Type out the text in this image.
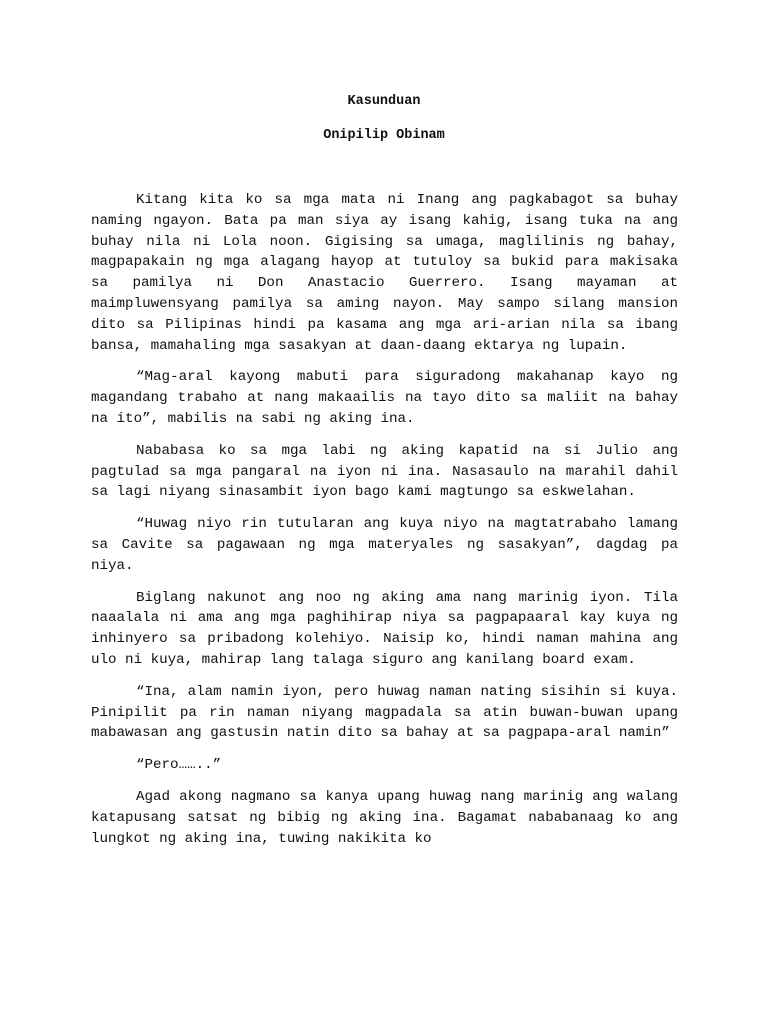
Kasunduan
Onipilip Obinam

Kitang kita ko sa mga mata ni Inang ang pagkabagot sa buhay naming ngayon. Bata pa man siya ay isang kahig, isang tuka na ang buhay nila ni Lola noon. Gigising sa umaga, maglilinis ng bahay, magpapakain ng mga alagang hayop at tutuloy sa bukid para makisaka sa pamilya ni Don Anastacio Guerrero. Isang mayaman at maimpluwensyang pamilya sa aming nayon. May sampo silang mansion dito sa Pilipinas hindi pa kasama ang mga ari-arian nila sa ibang bansa, mamahaling mga sasakyan at daan-daang ektarya ng lupain.

“Mag-aral kayong mabuti para siguradong makahanap kayo ng magandang trabaho at nang makaailis na tayo dito sa maliit na bahay na ito”, mabilis na sabi ng aking ina.

Nababasa ko sa mga labi ng aking kapatid na si Julio ang pagtulad sa mga pangaral na iyon ni ina. Nasasaulo na marahil dahil sa lagi niyang sinasambit iyon bago kami magtungo sa eskwelahan.

“Huwag niyo rin tutularan ang kuya niyo na magtatrabaho lamang sa Cavite sa pagawaan ng mga materyales ng sasakyan”, dagdag pa niya.

Biglang nakunot ang noo ng aking ama nang marinig iyon. Tila naaalala ni ama ang mga paghihirap niya sa pagpapaaral kay kuya ng inhinyero sa pribadong kolehiyo. Naisip ko, hindi naman mahina ang ulo ni kuya, mahirap lang talaga siguro ang kanilang board exam.

“Ina, alam namin iyon, pero huwag naman nating sisihin si kuya. Pinipilit pa rin naman niyang magpadala sa atin buwan-buwan upang mabawasan ang gastusin natin dito sa bahay at sa pagpapa-aral namin”

“Pero……..”

Agad akong nagmano sa kanya upang huwag nang marinig ang walang katapusang satsat ng bibig ng aking ina. Bagamat nababanaag ko ang lungkot ng aking ina, tuwing nakikita ko
